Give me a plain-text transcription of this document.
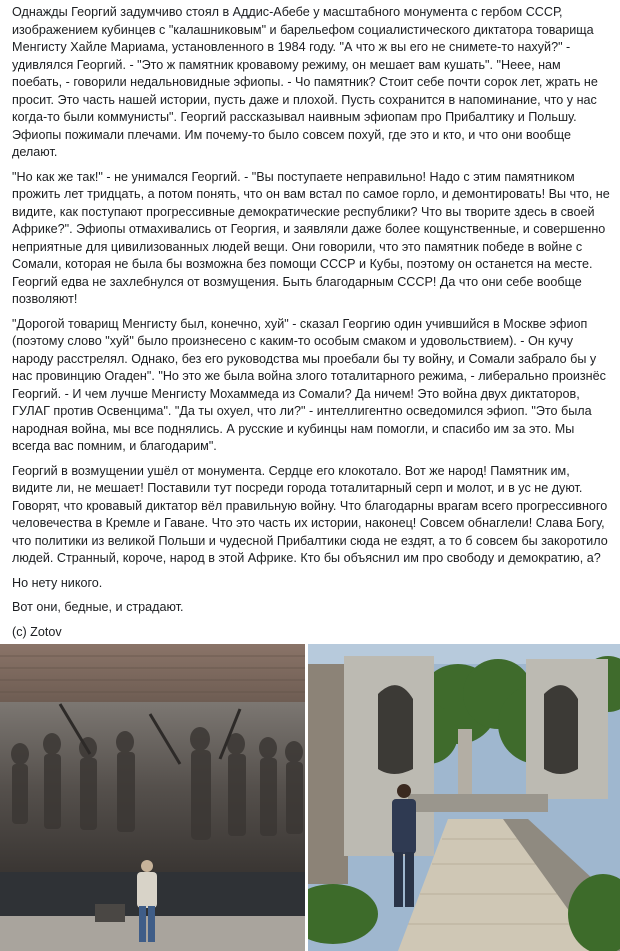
Однажды Георгий задумчиво стоял в Аддис-Абебе у масштабного монумента с гербом СССР, изображением кубинцев с "калашниковым" и барельефом социалистического диктатора товарища Менгисту Хайле Мариама, установленного в 1984 году. "А что ж вы его не снимете-то нахуй?" - удивлялся Георгий. - "Это ж памятник кровавому режиму, он мешает вам кушать". "Нееe, нам поебать, - говорили недальновидные эфиопы. - Чо памятник? Стоит себе почти сорок лет, жрать не просит. Это часть нашей истории, пусть даже и плохой. Пусть сохранится в напоминание, что у нас когда-то были коммунисты". Георгий рассказывал наивным эфиопам про Прибалтику и Польшу. Эфиопы пожимали плечами. Им почему-то было совсем похуй, где это и кто, и что они вообще делают.

"Но как же так!" - не унимался Георгий. - "Вы поступаете неправильно! Надо с этим памятником прожить лет тридцать, а потом понять, что он вам встал по самое горло, и демонтировать! Вы что, не видите, как поступают прогрессивные демократические республики? Что вы творите здесь в своей Африке?". Эфиопы отмахивались от Георгия, и заявляли даже более кощунственные, и совершенно неприятные для цивилизованных людей вещи. Они говорили, что это памятник победе в войне с Сомали, которая не была бы возможна без помощи СССР и Кубы, поэтому он останется на месте. Георгий едва не захлебнулся от возмущения. Быть благодарным СССР! Да что они себе вообще позволяют!

"Дорогой товарищ Менгисту был, конечно, хуй" - сказал Георгию один учившийся в Москве эфиоп (поэтому слово "хуй" было произнесено с каким-то особым смаком и удовольствием). - Он кучу народу расстрелял. Однако, без его руководства мы проебали бы ту войну, и Сомали забрало бы у нас провинцию Огаден". "Но это же была война злого тоталитарного режима, - либерально произнёс Георгий. - И чем лучше Менгисту Мохаммеда из Сомали? Да ничем! Это война двух диктаторов, ГУЛАГ против Освенцима". "Да ты охуел, что ли?" - интеллигентно осведомился эфиоп. "Это была народная война, мы все поднялись. А русские и кубинцы нам помогли, и спасибо им за это. Мы всегда вас помним, и благодарим".

Георгий в возмущении ушёл от монумента. Сердце его клокотало. Вот же народ! Памятник им, видите ли, не мешает! Поставили тут посреди города тоталитарный серп и молот, и в ус не дуют. Говорят, что кровавый диктатор вёл правильную войну. Что благодарны врагам всего прогрессивного человечества в Кремле и Гаване. Что это часть их истории, наконец! Совсем обнаглели! Слава Богу, что политики из великой Польши и чудесной Прибалтики сюда не ездят, а то б совсем бы закоротило людей. Странный, короче, народ в этой Африке. Кто бы объяснил им про свободу и демократию, а?

Но нету никого.

Вот они, бедные, и страдают.

(с) Zotov
